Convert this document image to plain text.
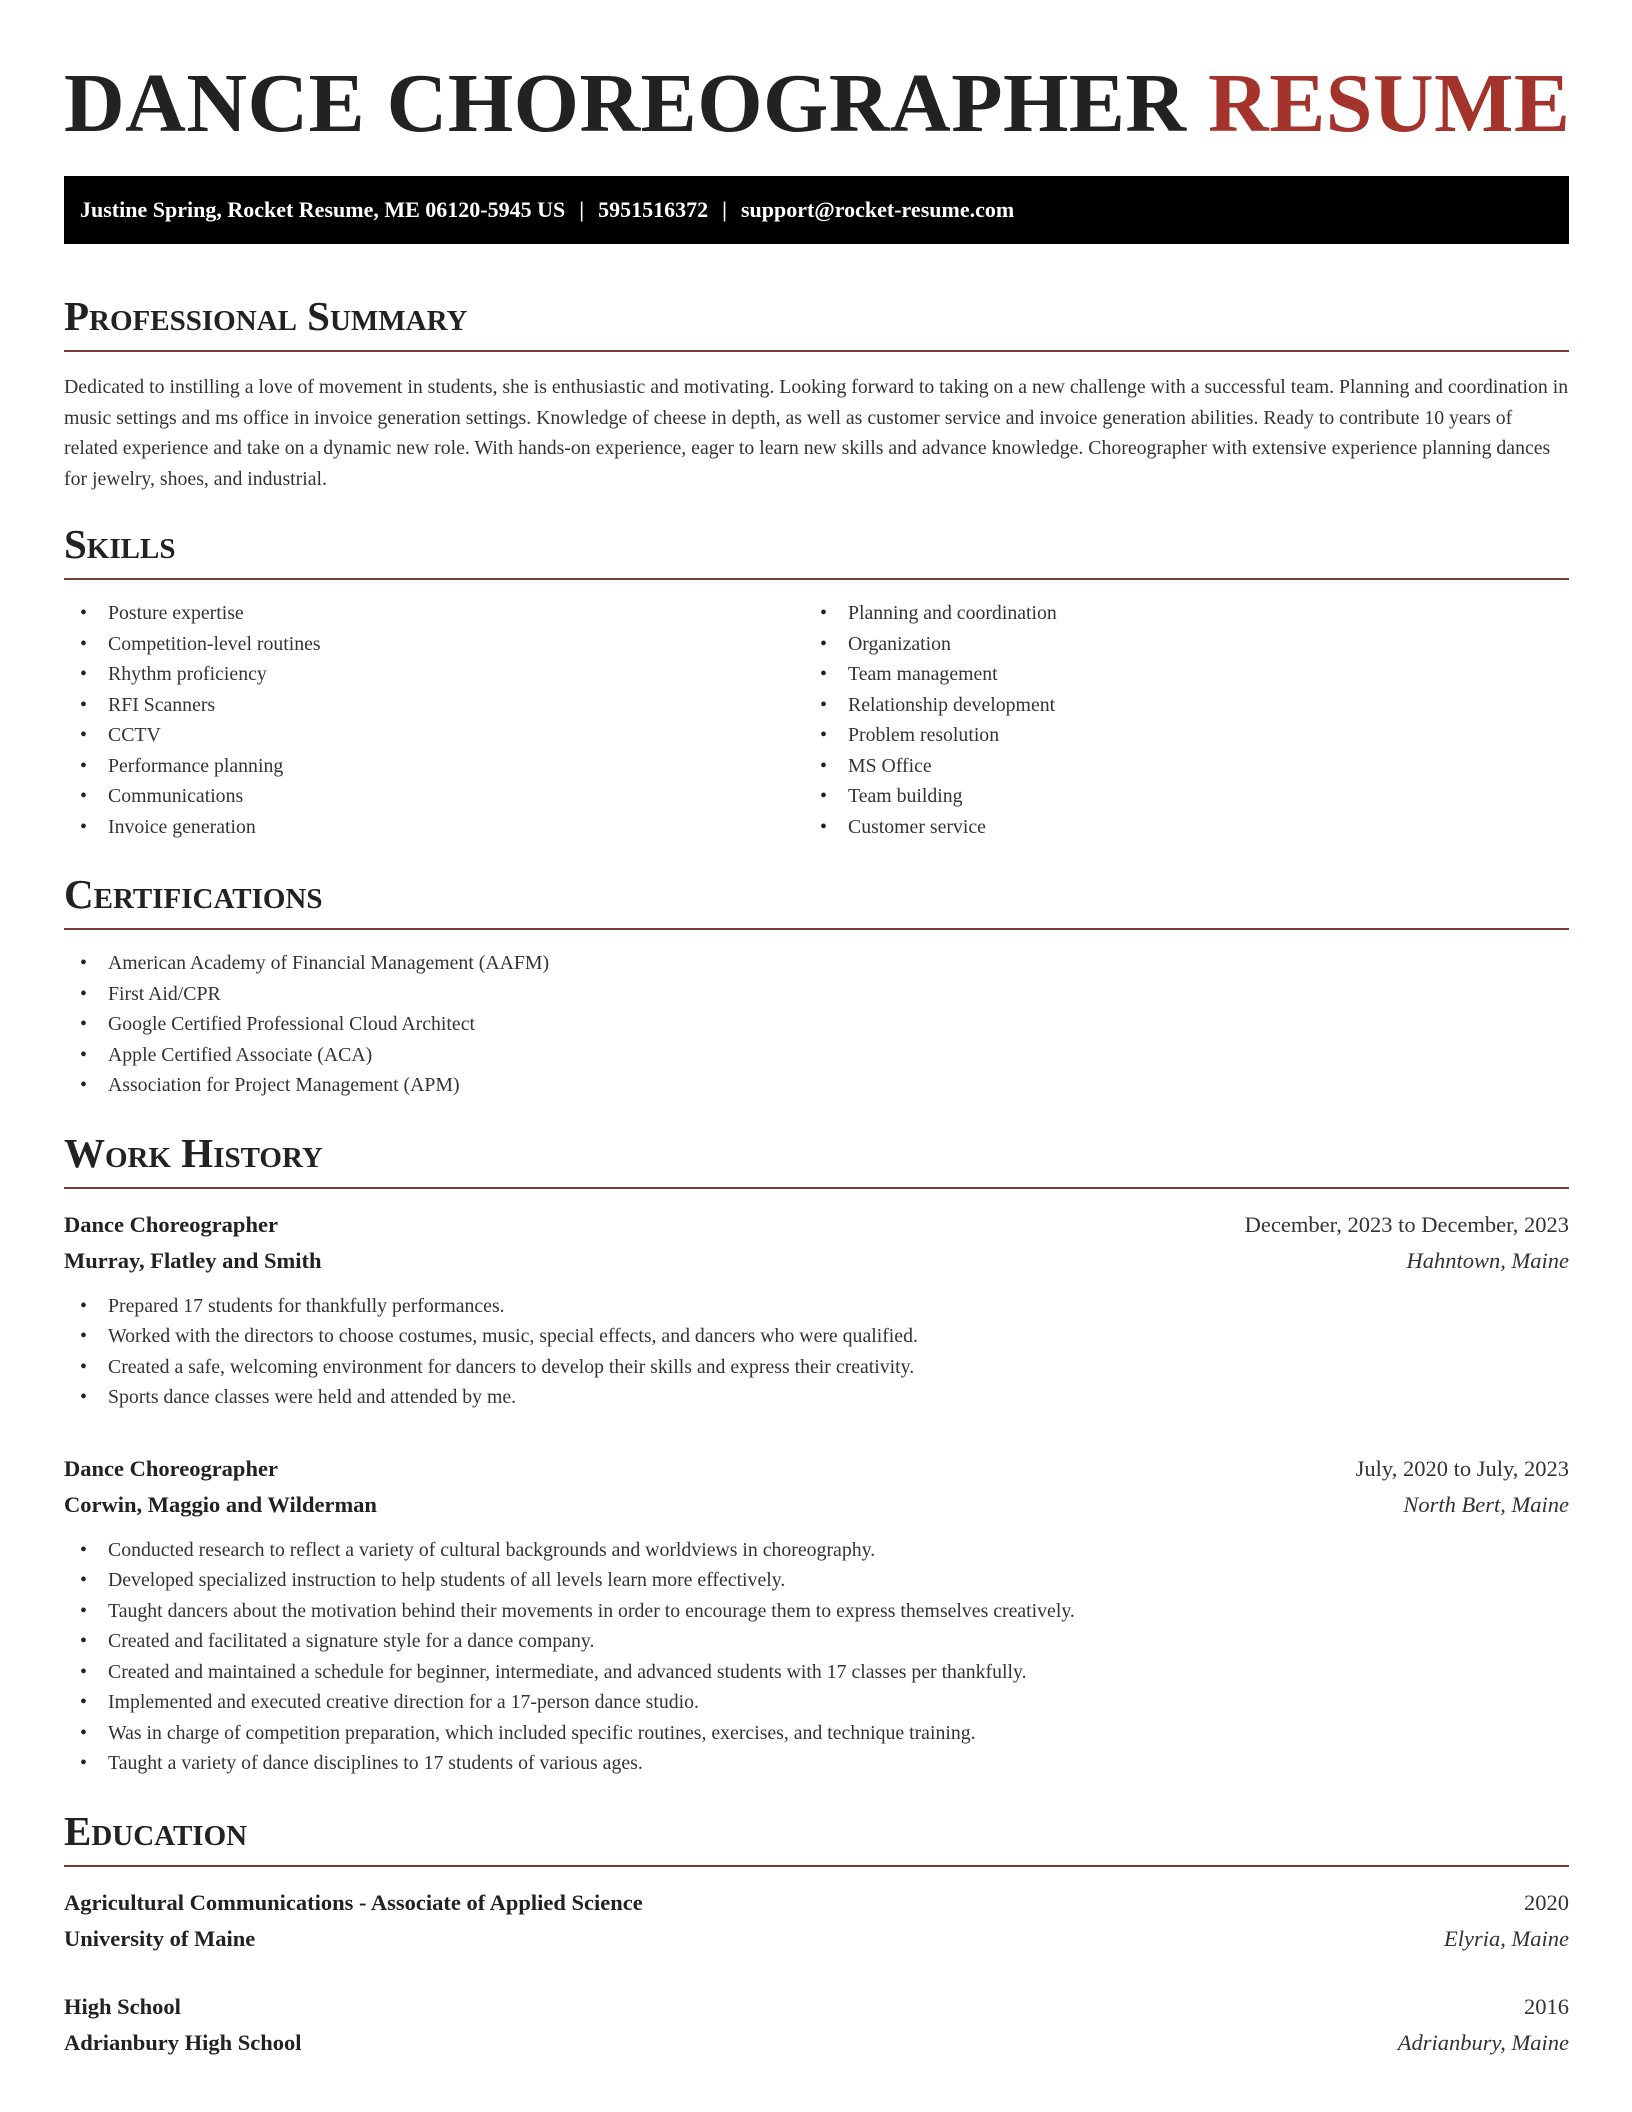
DANCE CHOREOGRAPHER RESUME
Justine Spring, Rocket Resume, ME 06120-5945 US | 5951516372 | support@rocket-resume.com
Professional Summary

Dedicated to instilling a love of movement in students, she is enthusiastic and motivating. Looking forward to taking on a new challenge with a successful team. Planning and coordination in music settings and ms office in invoice generation settings. Knowledge of cheese in depth, as well as customer service and invoice generation abilities. Ready to contribute 10 years of related experience and take on a dynamic new role. With hands-on experience, eager to learn new skills and advance knowledge. Choreographer with extensive experience planning dances for jewelry, shoes, and industrial.

Skills
• Posture expertise
• Competition-level routines
• Rhythm proficiency
• RFI Scanners
• CCTV
• Performance planning
• Communications
• Invoice generation
• Planning and coordination
• Organization
• Team management
• Relationship development
• Problem resolution
• MS Office
• Team building
• Customer service
Certifications
• American Academy of Financial Management (AAFM)
• First Aid/CPR
• Google Certified Professional Cloud Architect
• Apple Certified Associate (ACA)
• Association for Project Management (APM)
Work History
Dance Choreographer	December, 2023 to December, 2023
Murray, Flatley and Smith	Hahntown, Maine
• Prepared 17 students for thankfully performances.
• Worked with the directors to choose costumes, music, special effects, and dancers who were qualified.
• Created a safe, welcoming environment for dancers to develop their skills and express their creativity.
• Sports dance classes were held and attended by me.
Dance Choreographer	July, 2020 to July, 2023
Corwin, Maggio and Wilderman	North Bert, Maine
• Conducted research to reflect a variety of cultural backgrounds and worldviews in choreography.
• Developed specialized instruction to help students of all levels learn more effectively.
• Taught dancers about the motivation behind their movements in order to encourage them to express themselves creatively.
• Created and facilitated a signature style for a dance company.
• Created and maintained a schedule for beginner, intermediate, and advanced students with 17 classes per thankfully.
• Implemented and executed creative direction for a 17-person dance studio.
• Was in charge of competition preparation, which included specific routines, exercises, and technique training.
• Taught a variety of dance disciplines to 17 students of various ages.
Education
Agricultural Communications - Associate of Applied Science	2020
University of Maine	Elyria, Maine
High School	2016
Adrianbury High School	Adrianbury, Maine
